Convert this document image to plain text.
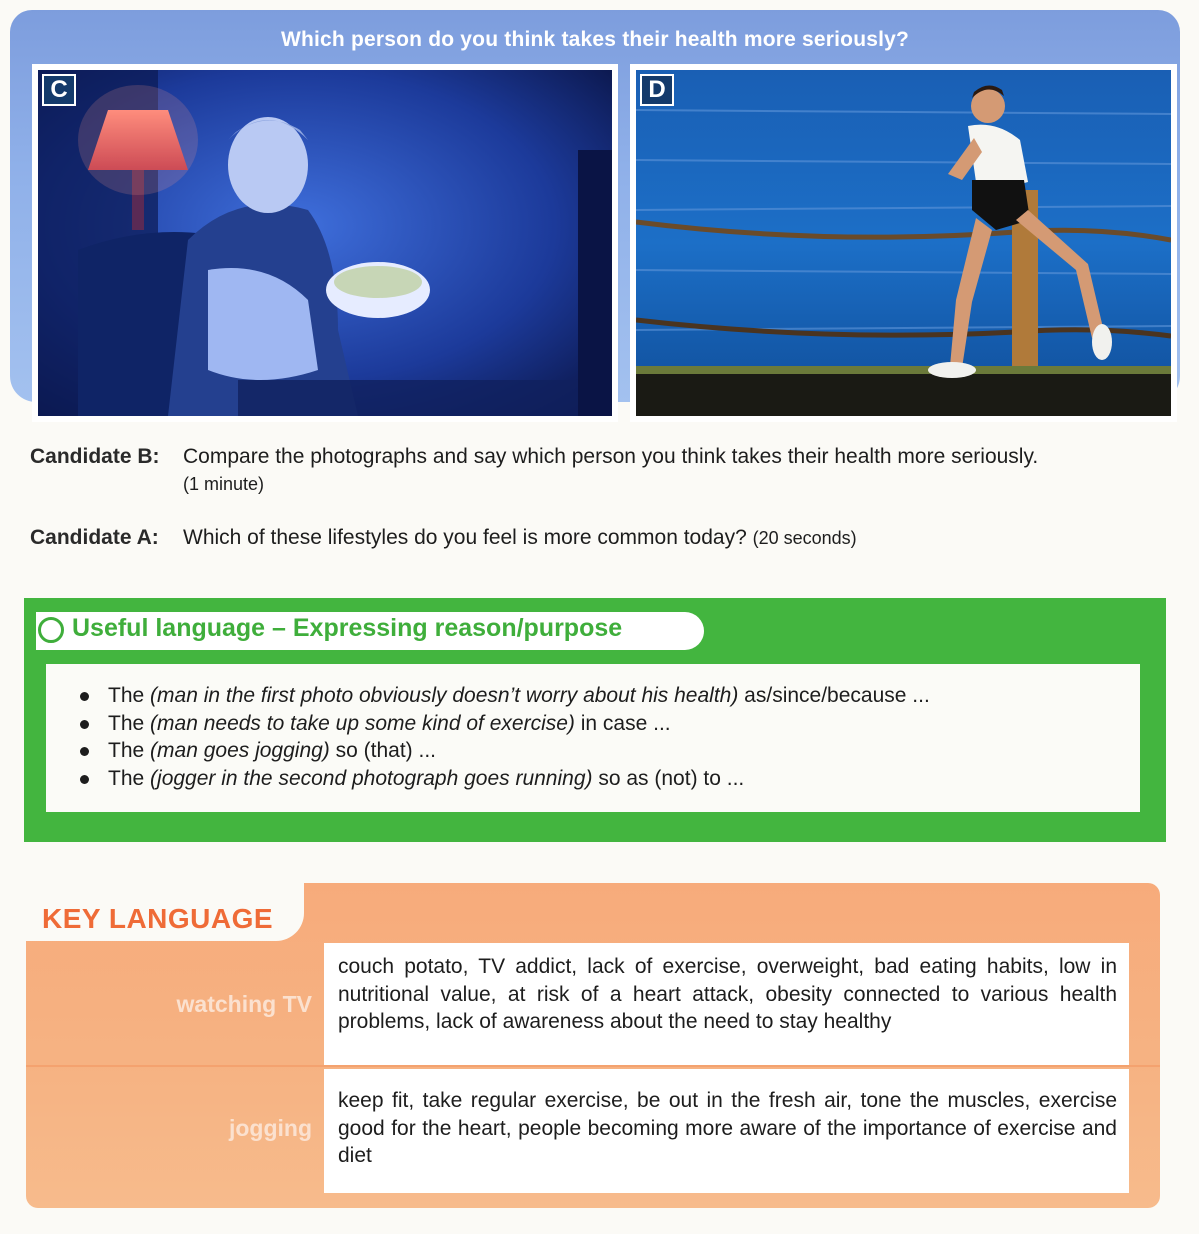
Which person do you think takes their health more seriously?
C	D
Candidate B: Compare the photographs and say which person you think takes their health more seriously.
(1 minute)
Candidate A: Which of these lifestyles do you feel is more common today? (20 seconds)
Useful language – Expressing reason/purpose
The (man in the first photo obviously doesn’t worry about his health) as/since/because ...
The (man needs to take up some kind of exercise) in case ...
The (man goes jogging) so (that) ...
The (jogger in the second photograph goes running) so as (not) to ...
KEY LANGUAGE
watching TV
couch potato, TV addict, lack of exercise, overweight, bad eating habits, low in nutritional value, at risk of a heart attack, obesity connected to various health problems, lack of awareness about the need to stay healthy
jogging
keep fit, take regular exercise, be out in the fresh air, tone the muscles, exercise good for the heart, people becoming more aware of the importance of exercise and diet
